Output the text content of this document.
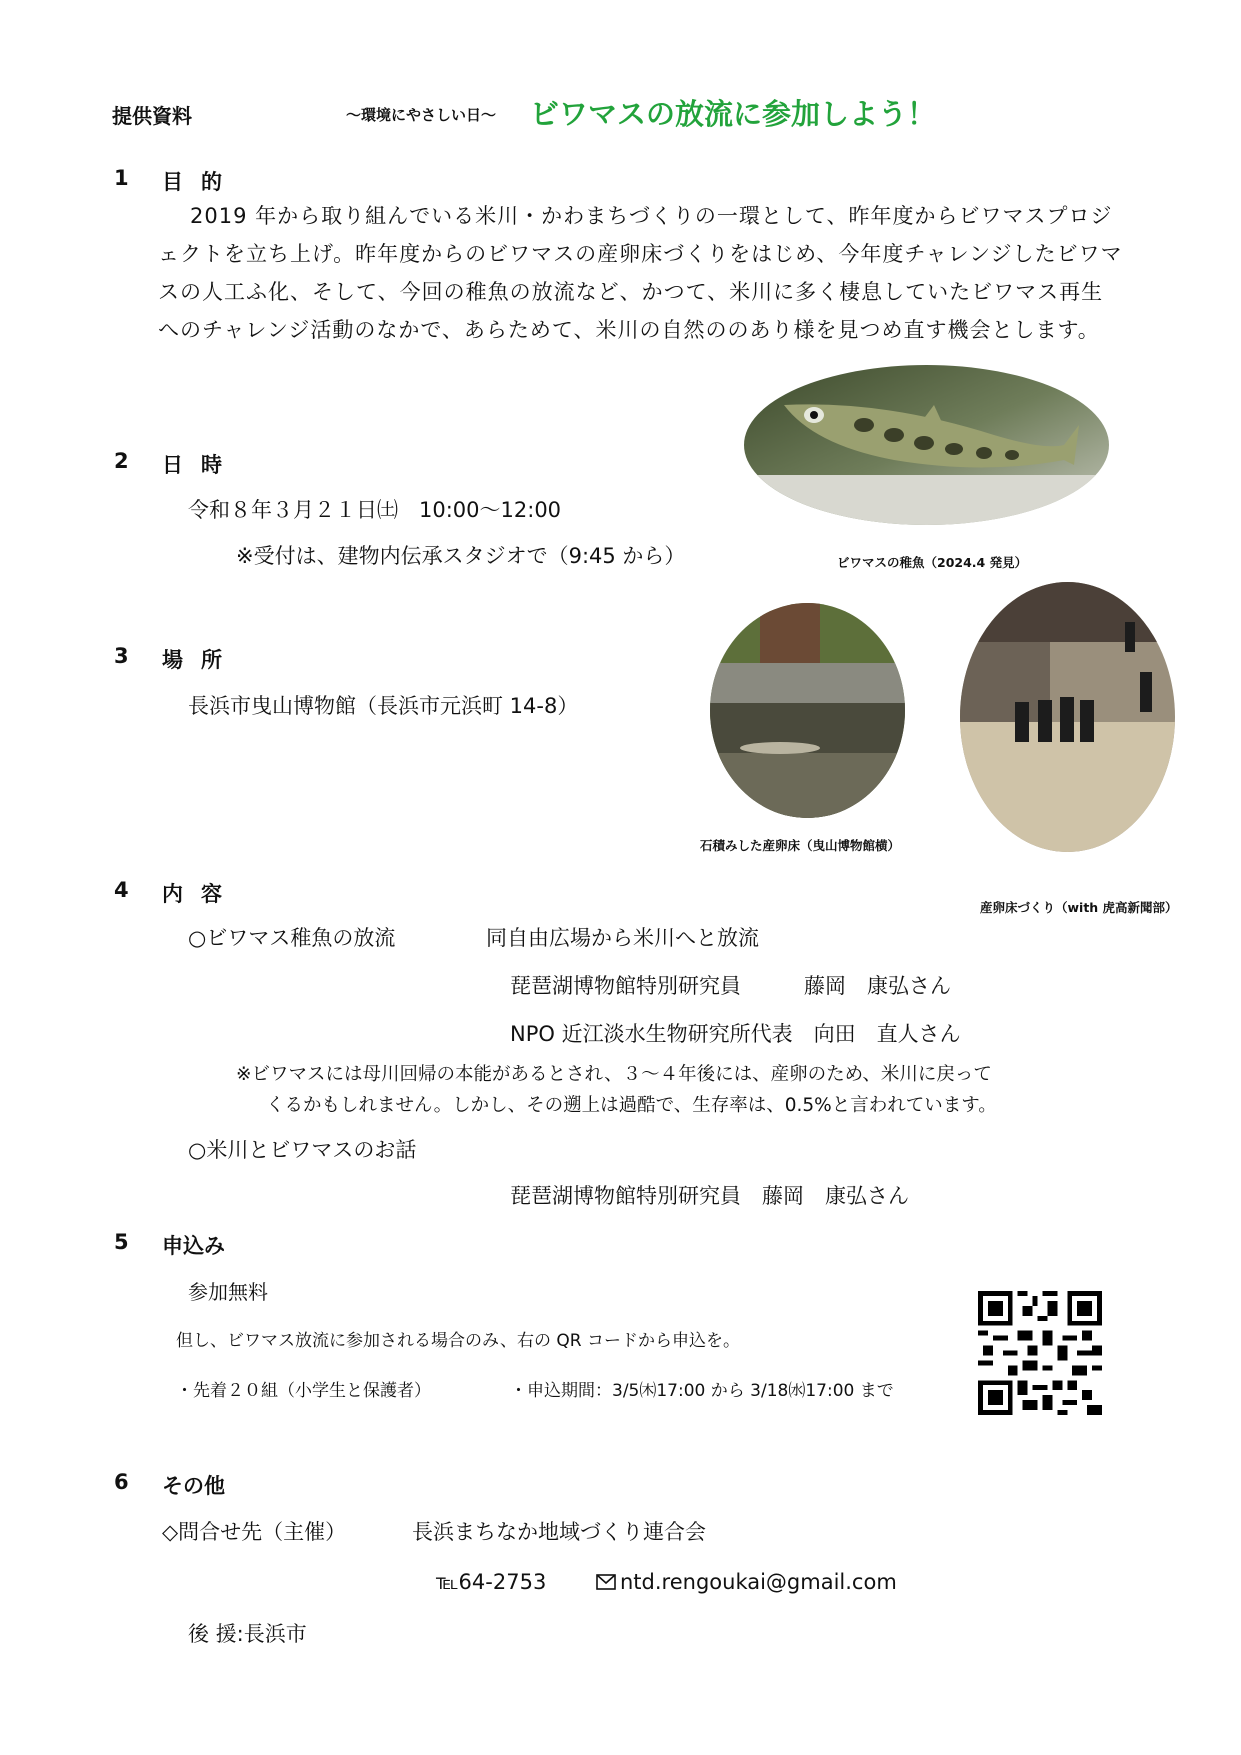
提供資料	〜環境にやさしい日〜 ビワマスの放流に参加しよう！
1 目的
2019 年から取り組んでいる米川・かわまちづくりの一環として、昨年度からビワマスプロジェクトを立ち上げ。昨年度からのビワマスの産卵床づくりをはじめ、今年度チャレンジしたビワマスの人工ふ化、そして、今回の稚魚の放流など、かつて、米川に多く棲息していたビワマス再生へのチャレンジ活動のなかで、あらためて、米川の自然ののあり様を見つめ直す機会とします。
ビワマスの稚魚（2024.4 発見）
2 日時
令和８年３月２１日㈯　10:00〜12:00
※受付は、建物内伝承スタジオで（9:45 から）
石積みした産卵床（曳山博物館横）
産卵床づくり（with 虎高新聞部）
3 場所
長浜市曳山博物館（長浜市元浜町 14-8）
4 内容
○ビワマス稚魚の放流	同自由広場から米川へと放流
琵琶湖博物館特別研究員　　　藤岡　康弘さん
NPO 近江淡水生物研究所代表　向田　直人さん
※ビワマスには母川回帰の本能があるとされ、３〜４年後には、産卵のため、米川に戻って
くるかもしれません。しかし、その遡上は過酷で、生存率は、0.5%と言われています。
○米川とビワマスのお話
琵琶湖博物館特別研究員　藤岡　康弘さん
5 申込み
参加無料
但し、ビワマス放流に参加される場合のみ、右の QR コードから申込を。
・先着２０組（小学生と保護者）	・申込期間：3/5㈭17:00 から 3/18㈬17:00 まで
6 その他
◇問合せ先（主催）	長浜まちなか地域づくり連合会
℡64-2753	ntd.rengoukai@gmail.com
後 援:長浜市
